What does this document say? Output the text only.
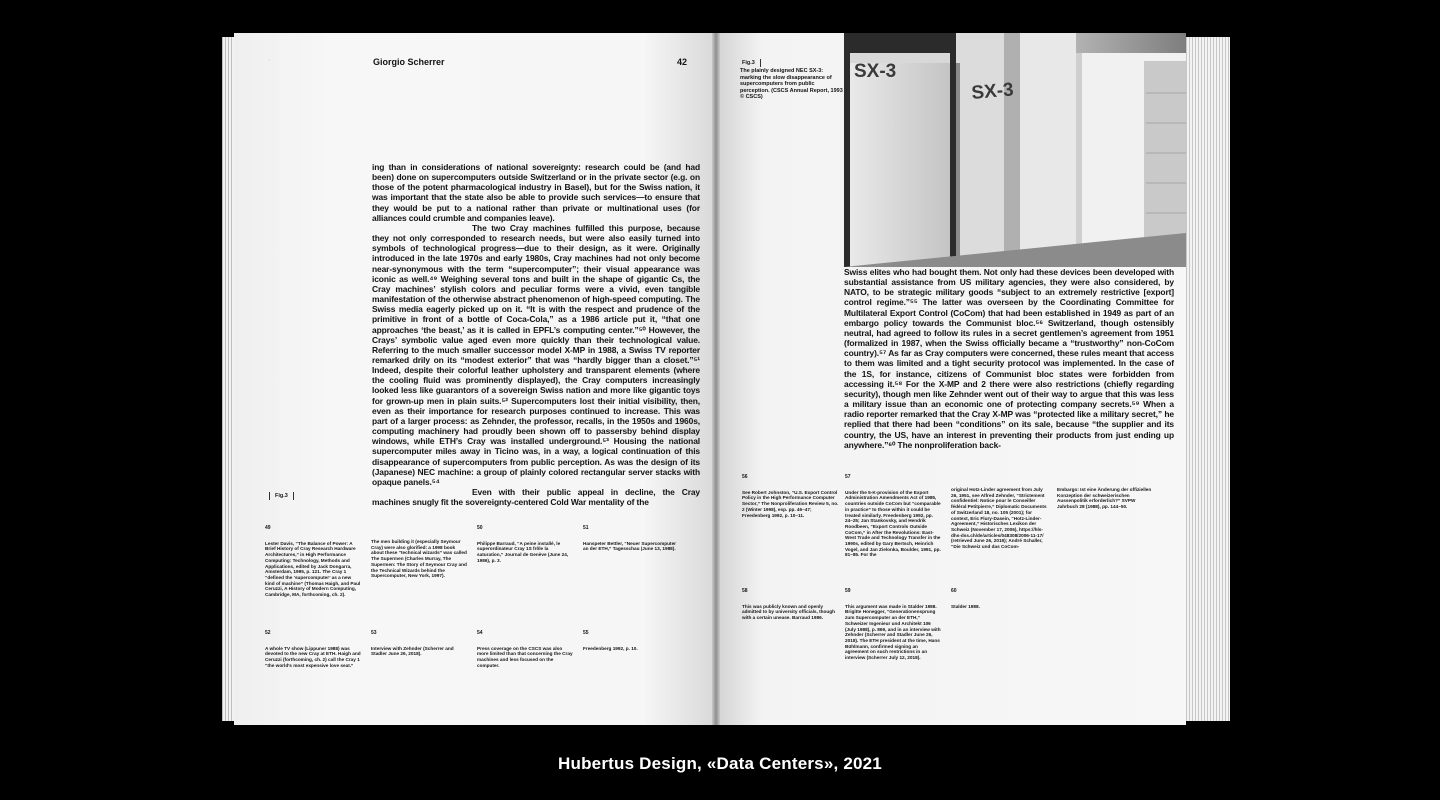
Giorgio Scherrer	42
▫

ing than in considerations of national sovereignty: research could be (and had been) done on supercomputers outside Switzerland or in the private sector (e.g. on those of the potent pharmacological industry in Basel), but for the Swiss nation, it was important that the state also be able to provide such services—to ensure that they would be put to a national rather than private or multinational uses (for alliances could crumble and companies leave).

The two Cray machines fulfilled this purpose, because they not only corresponded to research needs, but were also easily turned into symbols of technological progress—due to their design, as it were. Originally introduced in the late 1970s and early 1980s, Cray machines had not only become near-synonymous with the term “supercomputer”; their visual appearance was iconic as well.⁴⁹ Weighing several tons and built in the shape of gigantic Cs, the Cray machines’ stylish colors and peculiar forms were a vivid, even tangible manifestation of the otherwise abstract phenomenon of high-speed computing. The Swiss media eagerly picked up on it. “It is with the respect and prudence of the primitive in front of a bottle of Coca-Cola,” as a 1986 article put it, “that one approaches ‘the beast,’ as it is called in EPFL’s computing center.”⁵⁰ However, the Crays’ symbolic value aged even more quickly than their technological value. Referring to the much smaller successor model X-MP in 1988, a Swiss TV reporter remarked drily on its “modest exterior” that was “hardly bigger than a closet.”⁵¹ Indeed, despite their colorful leather upholstery and transparent elements (where the cooling fluid was prominently displayed), the Cray computers increasingly looked less like guarantors of a sovereign Swiss nation and more like gigantic toys for grown-up men in plain suits.⁵² Supercomputers lost their initial visibility, then, even as their importance for research purposes continued to increase. This was part of a larger process: as Zehnder, the professor, recalls, in the 1950s and 1960s, computing machinery had proudly been shown off to passersby behind display windows, while ETH’s Cray was installed underground.⁵³ Housing the national supercomputer miles away in Ticino was, in a way, a logical continuation of this disappearance of supercomputers from public perception. As was the design of its (Japanese) NEC machine: a group of plainly colored rectangular server stacks with opaque panels.⁵⁴

Even with their public appeal in decline, the Cray machines snugly fit the sovereignty-centered Cold War mentality of the

Fig.3
49
Lester Davis, “The Balance of Power: A Brief History of Cray Research Hardware Architectures,” in High Performance Computing: Technology, Methods and Applications, edited by Jack Dongarra, Amsterdam, 1995, p. 121. The Cray 1 “defined the ‘supercomputer’ as a new kind of machine” (Thomas Haigh, and Paul Ceruzzi, A History of Modern Computing, Cambridge, MA, forthcoming, ch. 2).
The men building it (especially Seymour Cray) were also glorified: a 1998 book about these “technical wizards” was called The Supermen (Charles Murray, The Supermen: The Story of Seymour Cray and the Technical Wizards behind the Supercomputer, New York, 1997).
50
Philippe Barraud, “A peine installé, le superordinateur Cray 1S frôle la saturation,” Journal de Genève (June 24, 1986), p. 3.
51
Hanspeter Bettler, “Neuer Supercomputer an der ETH,” Tagesschau (June 13, 1988).
52
A whole TV show (Lippuner 1988) was devoted to the new Cray at ETH. Haigh and Ceruzzi (forthcoming, ch. 2) call the Cray 1 “the world’s most expensive love seat.”
53
Interview with Zehnder (Scherrer and Stadler June 26, 2018).
54
Press coverage on the CSCS was also more limited than that concerning the Cray machines and less focused on the computer.
55
Freedenberg 1992, p. 10.
Fig.3
The plainly designed NEC SX-3: marking the slow disappearance of supercomputers from public perception. (CSCS Annual Report, 1993 © CSCS)
SX-3
SX-3

Swiss elites who had bought them. Not only had these devices been developed with substantial assistance from US military agencies, they were also considered, by NATO, to be strategic military goods “subject to an extremely restrictive [export] control regime.”⁵⁵ The latter was overseen by the Coordinating Committee for Multilateral Export Control (CoCom) that had been established in 1949 as part of an embargo policy towards the Communist bloc.⁵⁶ Switzerland, though ostensibly neutral, had agreed to follow its rules in a secret gentlemen’s agreement from 1951 (formalized in 1987, when the Swiss officially became a “trustworthy” non-CoCom country).⁵⁷ As far as Cray computers were concerned, these rules meant that access to them was limited and a tight security protocol was implemented. In the case of the 1S, for instance, citizens of Communist bloc states were forbidden from accessing it.⁵⁸ For the X-MP and 2 there were also restrictions (chiefly regarding security), though men like Zehnder went out of their way to argue that this was less a military issue than an economic one of protecting company secrets.⁵⁹ When a radio reporter remarked that the Cray X-MP was “protected like a military secret,” he replied that there had been “conditions” on its sale, because “the supplier and its country, the US, have an interest in preventing their products from just ending up anywhere.”⁶⁰ The nonproliferation back-

56
See Robert Johnston, “U.S. Export Control Policy in the High Performance Computer Sector,” The Nonproliferation Review 5, no. 2 (Winter 1998), esp. pp. 46–47; Freedenberg 1992, p. 10–11.
57
Under the 5-K-provision of the Export Administration Amendments Act of 1985, countries outside CoCom but “comparable in practice” to those within it could be treated similarly. Freedenberg 1992, pp. 24–25; Jan Stankovsky, and Hendrik Roodbeen, “Export Controls Outside CoCom,” in After the Revolutions: East-West Trade and Technology Transfer in the 1990s, edited by Gary Bertsch, Heinrich Vogel, and Jan Zielonka, Boulder, 1991, pp. 81–85. For the
original Hotz-Linder agreement from July 26, 1951, see Alfred Zehnder, “Strictement confidentiel: Notice pour le Conseiller fédéral Petitpierre,” Diplomatic Documents of Switzerland 18, no. 105 (2001); for context, Eric Flury-Dasein, “Hotz-Linder-Agreement,” Historisches Lexikon der Schweiz (November 17, 2006), https://hls-dhs-dss.ch/de/articles/048308/2006-11-17/ (retrieved June 26, 2019); André Schaller, “Die Schweiz und das CoCom-
Embargo: Ist eine Änderung der offiziellen Konzeption der schweizerischen Aussenpolitik erforderlich?” SVPW Jahrbuch 28 (1988), pp. 144–50.
58
This was publicly known and openly admitted to by university officials, though with a certain unease. Barraud 1986.
59
This argument was made in Stalder 1988. Brigitte Honegger, “Generationensprung zum Supercomputer an der ETH,” Schweizer Ingenieur und Architekt 106 (July 1988), p. 869, and in an interview with Zehnder (Scherrer and Stadler June 26, 2018). The ETH president at the time, Hans Bühlmann, confirmed signing an agreement on such restrictions in an interview (Scherrer July 12, 2018).
60
Stalder 1988.
Hubertus Design, «Data Centers», 2021
